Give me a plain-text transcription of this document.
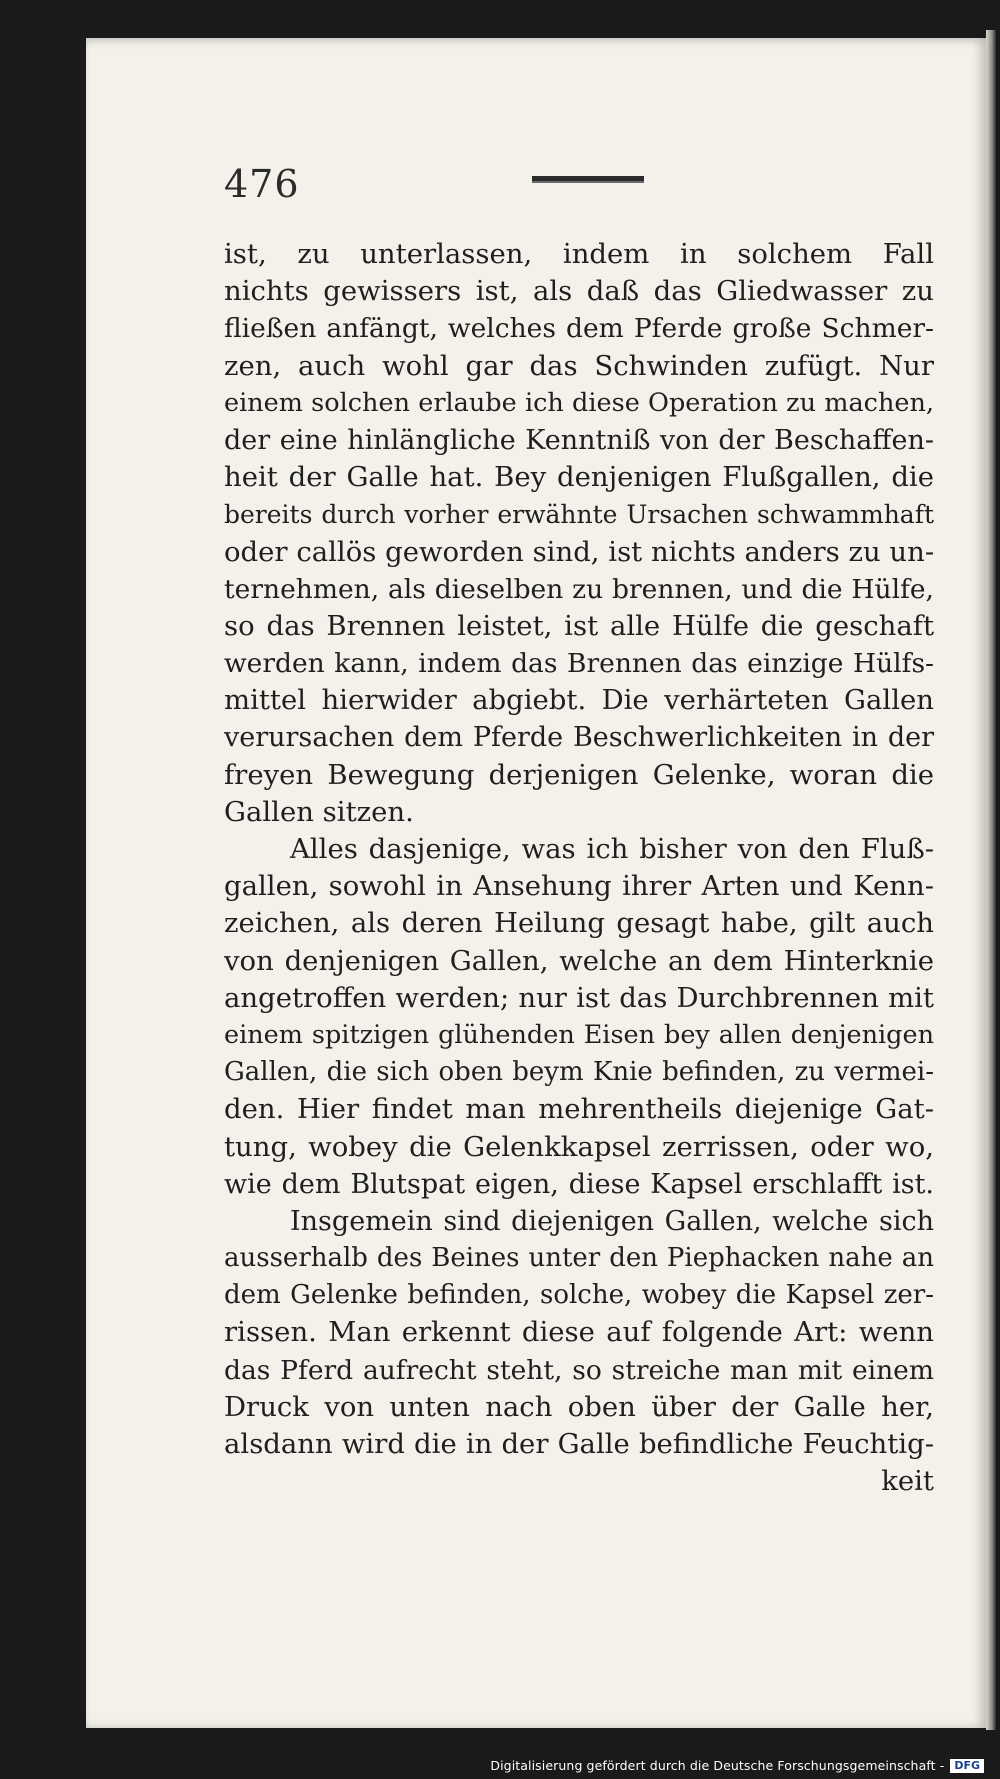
476
ist, zu unterlassen, indem in solchem Fall
nichts gewissers ist, als daß das Gliedwasser zu
fließen anfängt, welches dem Pferde große Schmer-
zen, auch wohl gar das Schwinden zufügt. Nur
einem solchen erlaube ich diese Operation zu machen,
der eine hinlängliche Kenntniß von der Beschaffen-
heit der Galle hat. Bey denjenigen Flußgallen, die
bereits durch vorher erwähnte Ursachen schwammhaft
oder callös geworden sind, ist nichts anders zu un-
ternehmen, als dieselben zu brennen, und die Hülfe,
so das Brennen leistet, ist alle Hülfe die geschaft
werden kann, indem das Brennen das einzige Hülfs-
mittel hierwider abgiebt. Die verhärteten Gallen
verursachen dem Pferde Beschwerlichkeiten in der
freyen Bewegung derjenigen Gelenke, woran die
Gallen sitzen.
Alles dasjenige, was ich bisher von den Fluß-
gallen, sowohl in Ansehung ihrer Arten und Kenn-
zeichen, als deren Heilung gesagt habe, gilt auch
von denjenigen Gallen, welche an dem Hinterknie
angetroffen werden; nur ist das Durchbrennen mit
einem spitzigen glühenden Eisen bey allen denjenigen
Gallen, die sich oben beym Knie befinden, zu vermei-
den. Hier findet man mehrentheils diejenige Gat-
tung, wobey die Gelenkkapsel zerrissen, oder wo,
wie dem Blutspat eigen, diese Kapsel erschlafft ist.
Insgemein sind diejenigen Gallen, welche sich
ausserhalb des Beines unter den Piephacken nahe an
dem Gelenke befinden, solche, wobey die Kapsel zer-
rissen. Man erkennt diese auf folgende Art: wenn
das Pferd aufrecht steht, so streiche man mit einem
Druck von unten nach oben über der Galle her,
alsdann wird die in der Galle befindliche Feuchtig-
keit
Digitalisierung gefördert durch die Deutsche Forschungsgemeinschaft - DFG
